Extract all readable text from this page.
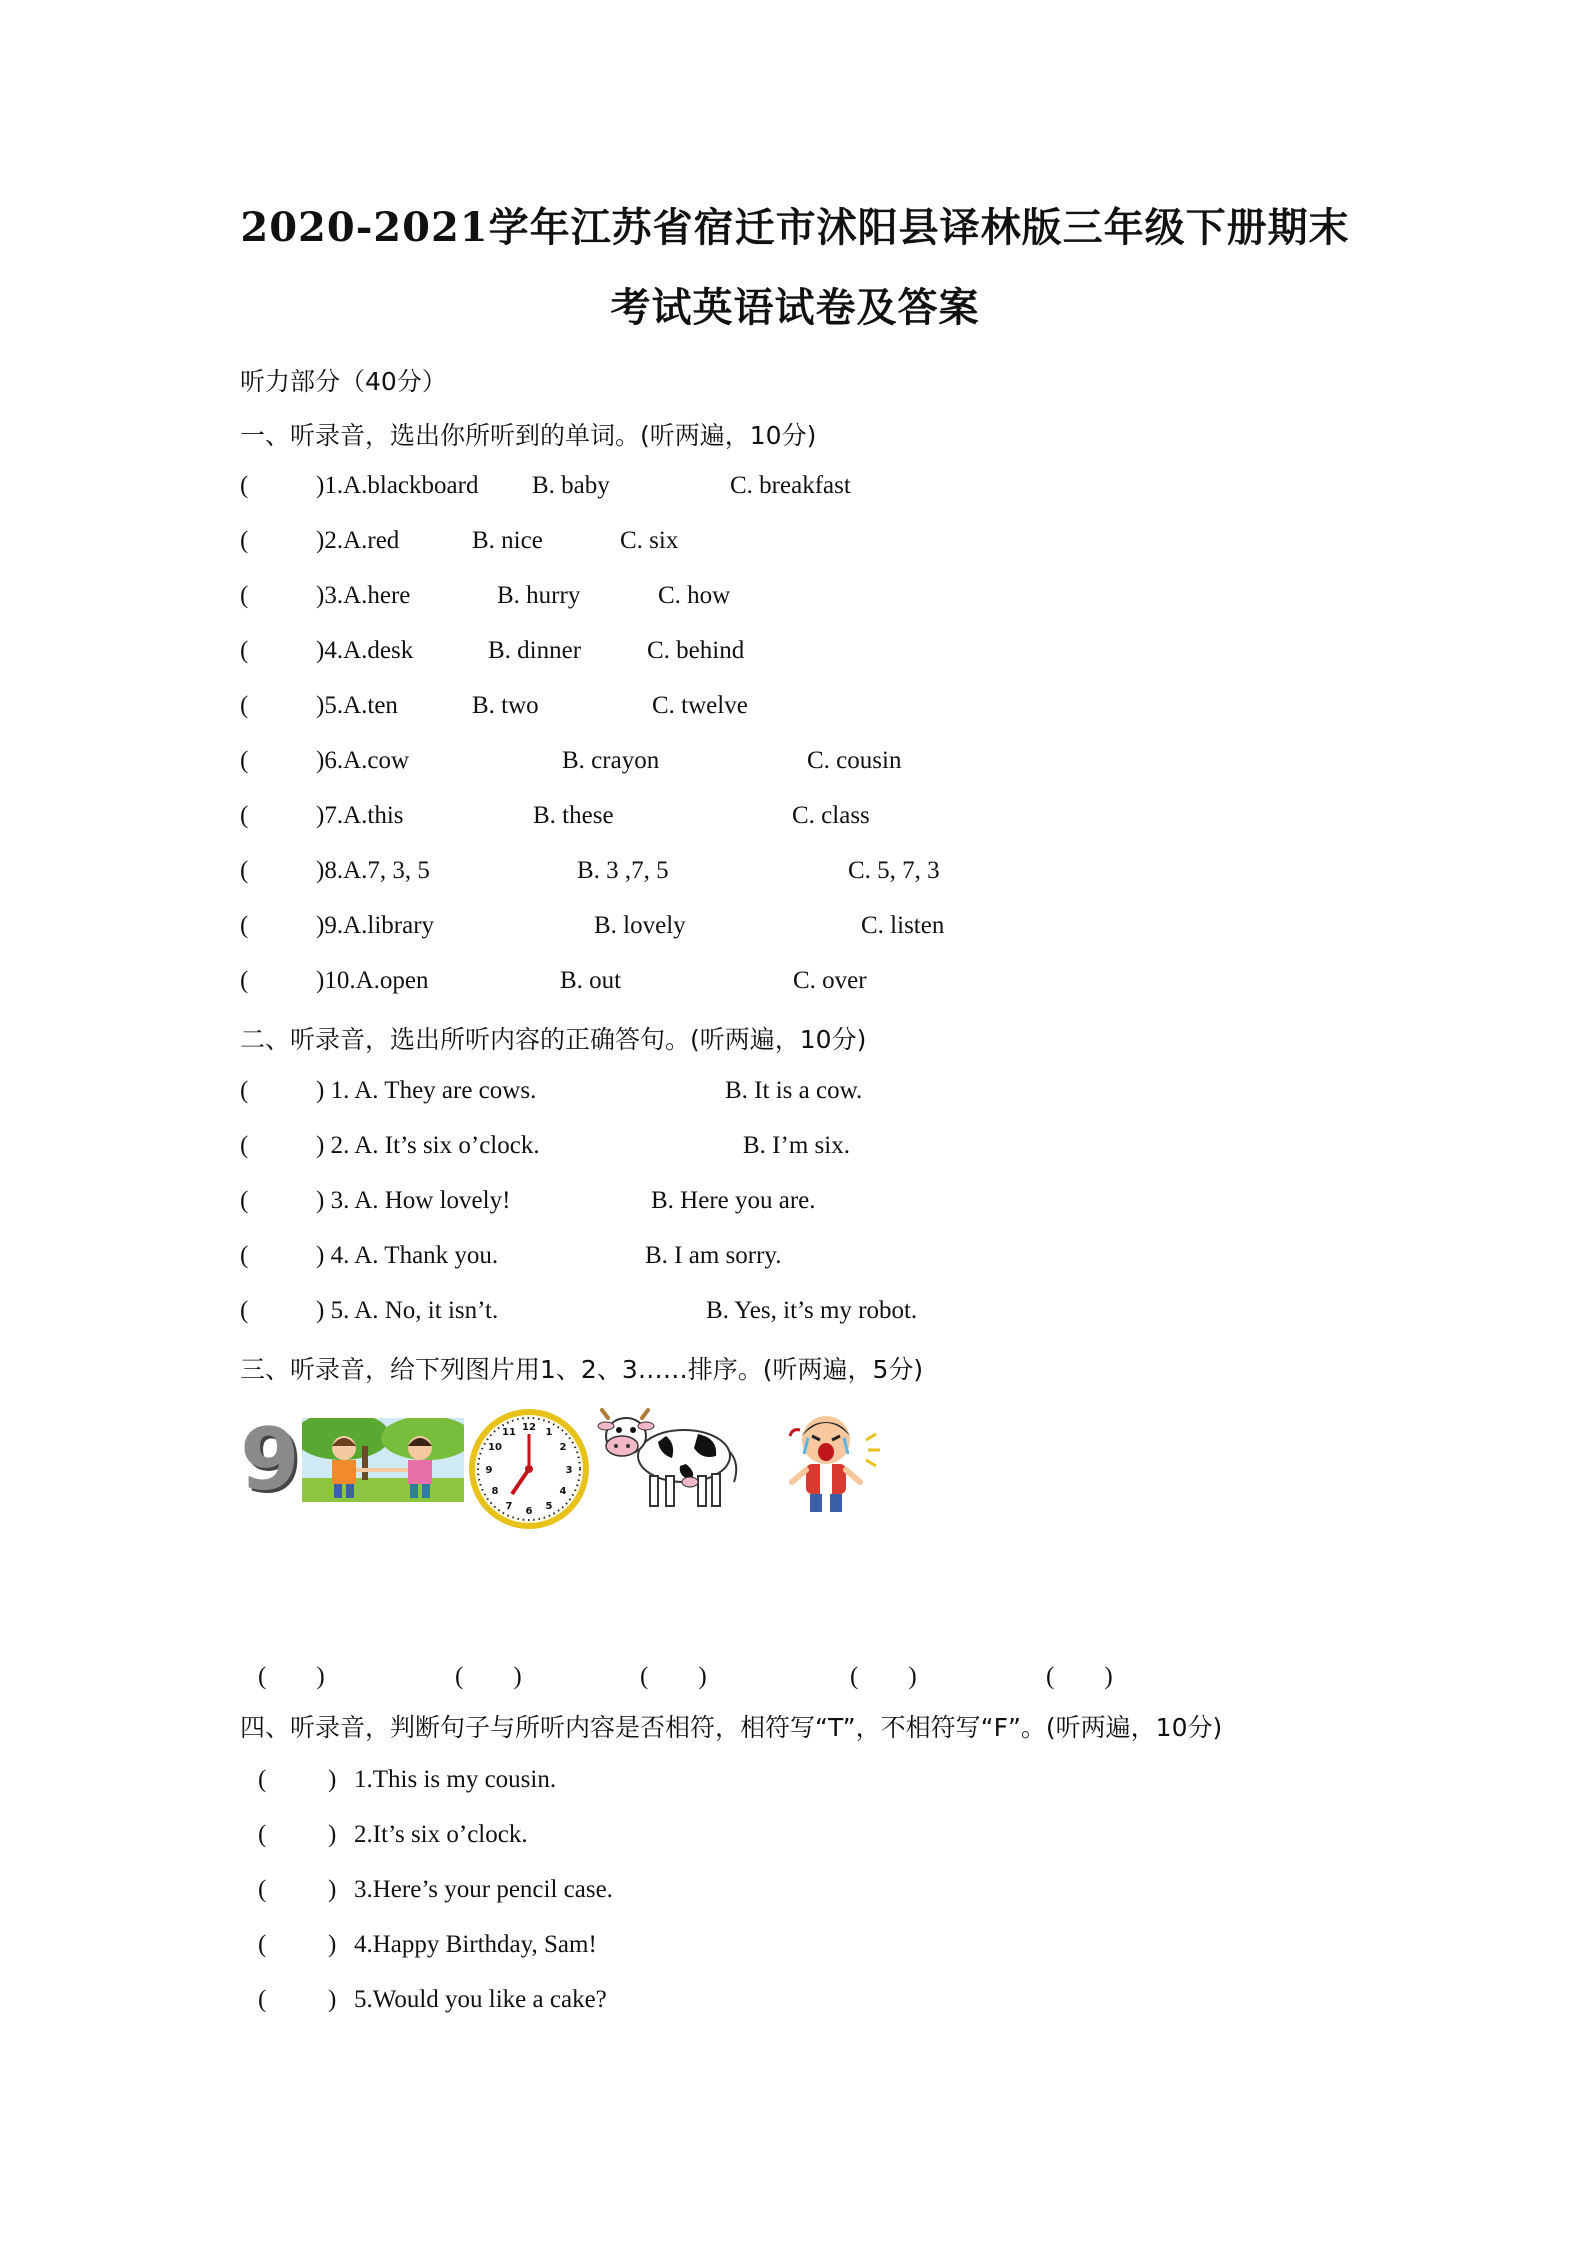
2020-2021学年江苏省宿迁市沭阳县译林版三年级下册期末
考试英语试卷及答案
听力部分（40分）
一、听录音，选出你所听到的单词。(听两遍，10分)
(	)1.A.blackboard B. baby	C. breakfast
(	)2.A.red	B. nice	C. six
(	)3.A.here	B. hurry	C. how
(	)4.A.desk	B. dinner	C. behind
(	)5.A.ten	B. two	C. twelve
(	)6.A.cow	B. crayon	C. cousin
(	)7.A.this	B. these	C. class
(	)8.A.7, 3, 5	B. 3 ,7, 5	C. 5, 7, 3
(	)9.A.library	B. lovely	C. listen
(	)10.A.open	B. out	C. over
二、听录音，选出所听内容的正确答句。(听两遍，10分)
(	) 1. A. They are cows.	B. It is a cow.
(	) 2. A. It’s six o’clock.	B. I’m six.
(	) 3. A. How lovely!	B. Here you are.
(	) 4. A. Thank you.	B. I am sorry.
(	) 5. A. No, it isn’t.	B. Yes, it’s my robot.
三、听录音，给下列图片用1、2、3……排序。(听两遍，5分)
9	12 1
2
3
4
5
6
7
8
9
10
11
(　　)	(　　)	(　　)	(　　)	(　　)
四、听录音，判断句子与所听内容是否相符，相符写“T”，不相符写“F”。(听两遍，10分)
( ) 1.This is my cousin.
( ) 2.It’s six o’clock.
( ) 3.Here’s your pencil case.
( ) 4.Happy Birthday, Sam!
( ) 5.Would you like a cake?
